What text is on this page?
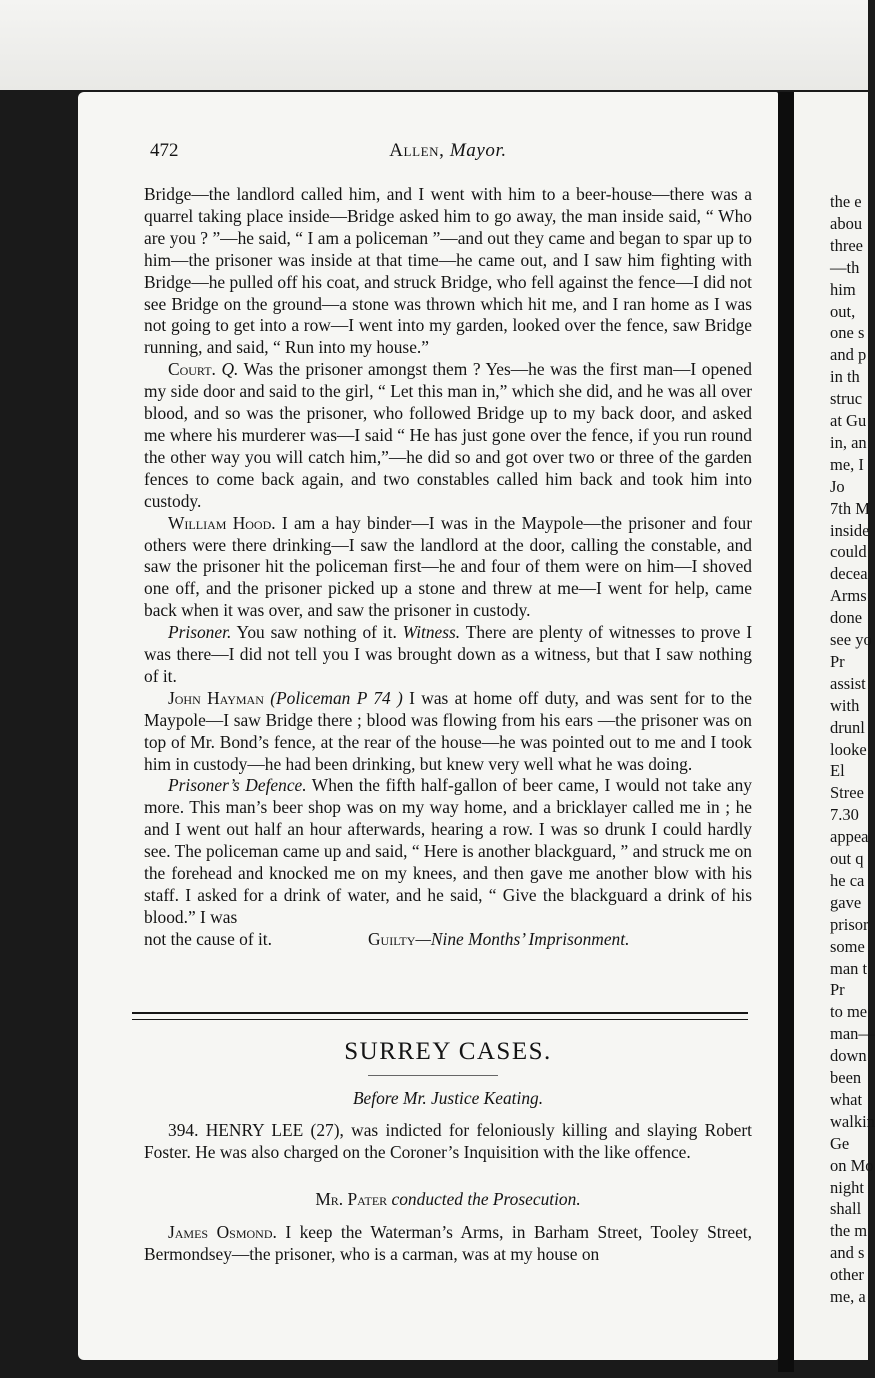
472	Allen, Mayor.

Bridge—the landlord called him, and I went with him to a beer-house—there was a quarrel taking place inside—Bridge asked him to go away, the man inside said, “ Who are you ? ”—he said, “ I am a policeman ”—and out they came and began to spar up to him—the prisoner was inside at that time—he came out, and I saw him fighting with Bridge—he pulled off his coat, and struck Bridge, who fell against the fence—I did not see Bridge on the ground—a stone was thrown which hit me, and I ran home as I was not going to get into a row—I went into my garden, looked over the fence, saw Bridge running, and said, “ Run into my house.”

Court. Q. Was the prisoner amongst them ? Yes—he was the first man—I opened my side door and said to the girl, “ Let this man in,” which she did, and he was all over blood, and so was the prisoner, who followed Bridge up to my back door, and asked me where his murderer was—I said “ He has just gone over the fence, if you run round the other way you will catch him,”—he did so and got over two or three of the garden fences to come back again, and two constables called him back and took him into custody.

William Hood. I am a hay binder—I was in the Maypole—the prisoner and four others were there drinking—I saw the landlord at the door, calling the constable, and saw the prisoner hit the policeman first—he and four of them were on him—I shoved one off, and the prisoner picked up a stone and threw at me—I went for help, came back when it was over, and saw the prisoner in custody.

Prisoner. You saw nothing of it. Witness. There are plenty of witnesses to prove I was there—I did not tell you I was brought down as a witness, but that I saw nothing of it.

John Hayman (Policeman P 74 ) I was at home off duty, and was sent for to the Maypole—I saw Bridge there ; blood was flowing from his ears —the prisoner was on top of Mr. Bond’s fence, at the rear of the house—he was pointed out to me and I took him in custody—he had been drinking, but knew very well what he was doing.

Prisoner’s Defence. When the fifth half-gallon of beer came, I would not take any more. This man’s beer shop was on my way home, and a bricklayer called me in ; he and I went out half an hour afterwards, hearing a row. I was so drunk I could hardly see. The policeman came up and said, “ Here is another blackguard, ” and struck me on the forehead and knocked me on my knees, and then gave me another blow with his staff. I asked for a drink of water, and he said, “ Give the blackguard a drink of his blood.” I was

not the cause of it.	Guilty—Nine Months’ Imprisonment.

SURREY CASES.
Before Mr. Justice Keating.

394. HENRY LEE (27), was indicted for feloniously killing and slaying Robert Foster. He was also charged on the Coroner’s Inquisition with the like offence.

Mr. Pater conducted the Prosecution.

James Osmond. I keep the Waterman’s Arms, in Barham Street, Tooley Street, Bermondsey—the prisoner, who is a carman, was at my house on

the e
abou
three
—th
him
out,
one s
and p
in th
struc
at Gu
in, an
me, I
Jo
7th M
inside
could
decea
Arms
done
see yo
Pr
assist
with
drunl
looke
El
Stree
7.30
appea
out q
he ca
gave
prisor
some
man t
Pr
to me
man—
down
been
what
walkin
Ge
on Mo
night
shall
the m
and s
other
me, a
